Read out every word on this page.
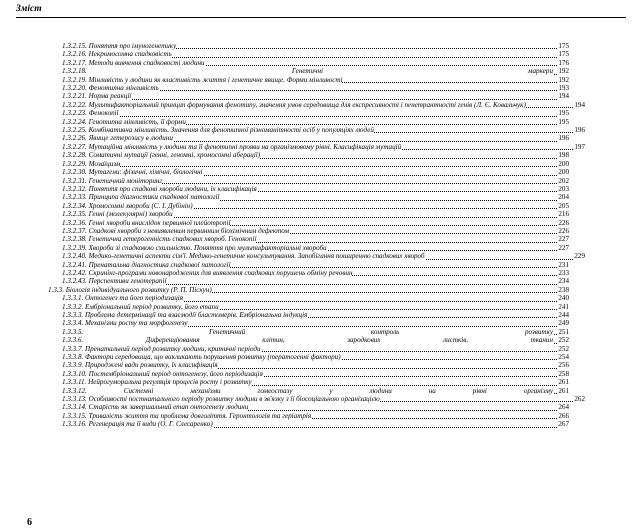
Зміст
1.3.2.15. Поняття про імуногенетику	175
1.3.2.16. Некромосомна спадковість	175
1.3.2.17. Методи вивчення спадковості людини	176
1.3.2.18. Генетичні маркери 192
1.3.2.19. Мінливість у людини як властивість життя і генетичне явище. Форми мінливості	192
1.3.2.20. Фенотипна мінливість	193
1.3.2.21. Норма реакції	194
1.3.2.22. Мультифакторіальний принцип формування фенотипу, значення умов середовища для експресивності і пенетрантності генів (Л. Є. Ковальчук)	194
1.3.2.23. Фенокопії	195
1.3.2.24. Генотипна мінливість, її форми	195
1.3.2.25. Комбінативна мінливість. Значення для фенотипної різноманітності осіб у популяціях людей	196
1.3.2.26. Явище гетерозису в людини	196
1.3.2.27. Мутаційна мінливість у людини та її фенотипні прояви на організмовому рівні. Класифікація мутацій	197
1.3.2.28. Соматичні мутації (генні, геномні, хромосомні аберації)	198
1.3.2.29. Мозаїцизм	200
1.3.2.30. Мутагени: фізичні, хімічні, біологічні	200
1.3.2.31. Генетичний моніторинг	202
1.3.2.32. Поняття про спадкові хвороби людини, їх класифікація	203
1.3.2.33. Принципи діагностики спадкової патології	204
1.3.2.34. Хромосомні хвороби (С. І. Дубінін)	205
1.3.2.35. Генні (молекулярні) хвороби	216
1.3.2.36. Генні хвороби внаслідок первинної плейотропії	226
1.3.2.37. Спадкові хвороби з невиявленим первинним біохімічним дефектом	226
1.3.2.38. Генетична гетерогенність спадкових хвороб. Генокопії	227
1.3.2.39. Хвороби зі спадковою схильністю. Поняття про мультифакторіальні хвороби	227
1.3.2.40. Медико-генетичні аспекти сім'ї. Медико-генетичне консультування. Запобігання поширенню спадкових хвороб	229
1.3.2.41. Пренатальна діагностика спадкової патології	231
1.3.2.42. Скринінг-програми новонароджених для виявлення спадкових порушень обміну речовин	233
1.3.2.43. Перспективи генотерапії	234
1.3.3. Біологія індивідуального розвитку (Р. П. Піскун)	238
1.3.3.1. Онтогенез та його періодизація	240
1.3.3.2. Ембріональний період розвитку, його етапи	241
1.3.3.3. Проблема детермінації та взаємодії бластомерів. Ембріональна індукція	244
1.3.3.4. Механізми росту та морфогенезу	249
1.3.3.5. Генетичний контроль розвитку 251
1.3.3.6. Диференціювання клітин, зародкових листків, тканин 252
1.3.3.7. Пренатальний період розвитку людини, критичні періоди	252
1.3.3.8. Фактори середовища, що викликають порушення розвитку (тератогенні фактори)	254
1.3.3.9. Природжені вади розвитку, їх класифікація	256
1.3.3.10. Постембріональний період онтогенезу, його періодизація	258
1.3.3.11. Нейрогуморальна регуляція процесів росту і розвитку	261
1.3.3.12. Системні механізми гомеостазу у людини на рівні організму 261
1.3.3.13. Особливості постнатального періоду розвитку людини в зв'язку з її біосоціальною організацією	262
1.3.3.14. Старість як завершальний етап онтогенезу людини	264
1.3.3.15. Тривалість життя та проблема довголіття. Геронтологія та геріатрія	266
1.3.3.16. Регенерація та її види (О. Г. Слесаренко)	267
6
